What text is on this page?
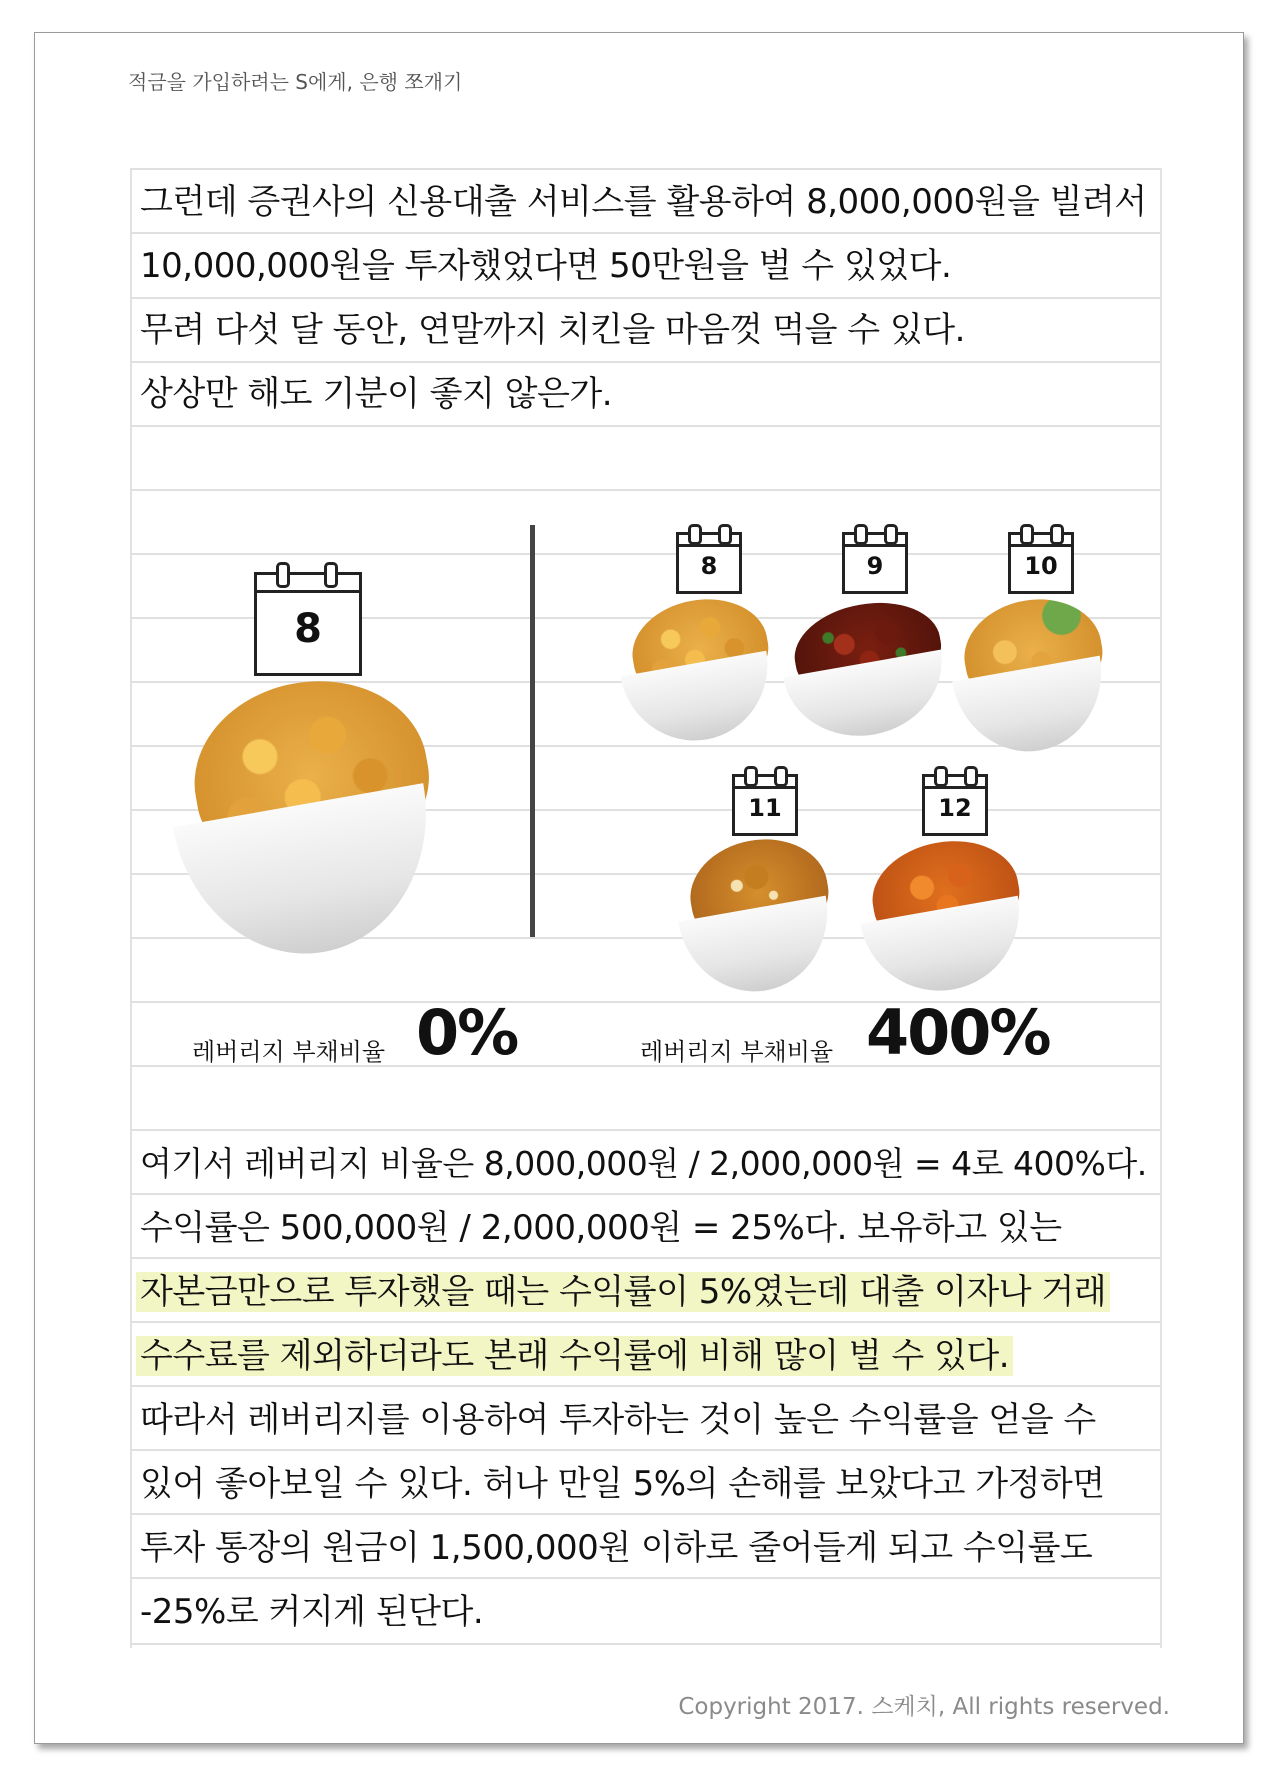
적금을 가입하려는 S에게, 은행 쪼개기
그런데 증권사의 신용대출 서비스를 활용하여 8,000,000원을 빌려서
10,000,000원을 투자했었다면 50만원을 벌 수 있었다.
무려 다섯 달 동안, 연말까지 치킨을 마음껏 먹을 수 있다.
상상만 해도 기분이 좋지 않은가.
8
8	9	10
11	12
레버리지 부채비율 0%	레버리지 부채비율 400%
여기서 레버리지 비율은 8,000,000원 / 2,000,000원 = 4로 400%다.
수익률은 500,000원 / 2,000,000원 = 25%다. 보유하고 있는
자본금만으로 투자했을 때는 수익률이 5%였는데 대출 이자나 거래
수수료를 제외하더라도 본래 수익률에 비해 많이 벌 수 있다.
따라서 레버리지를 이용하여 투자하는 것이 높은 수익률을 얻을 수
있어 좋아보일 수 있다. 허나 만일 5%의 손해를 보았다고 가정하면
투자 통장의 원금이 1,500,000원 이하로 줄어들게 되고 수익률도
-25%로 커지게 된단다.
Copyright 2017. 스케치, All rights reserved.
